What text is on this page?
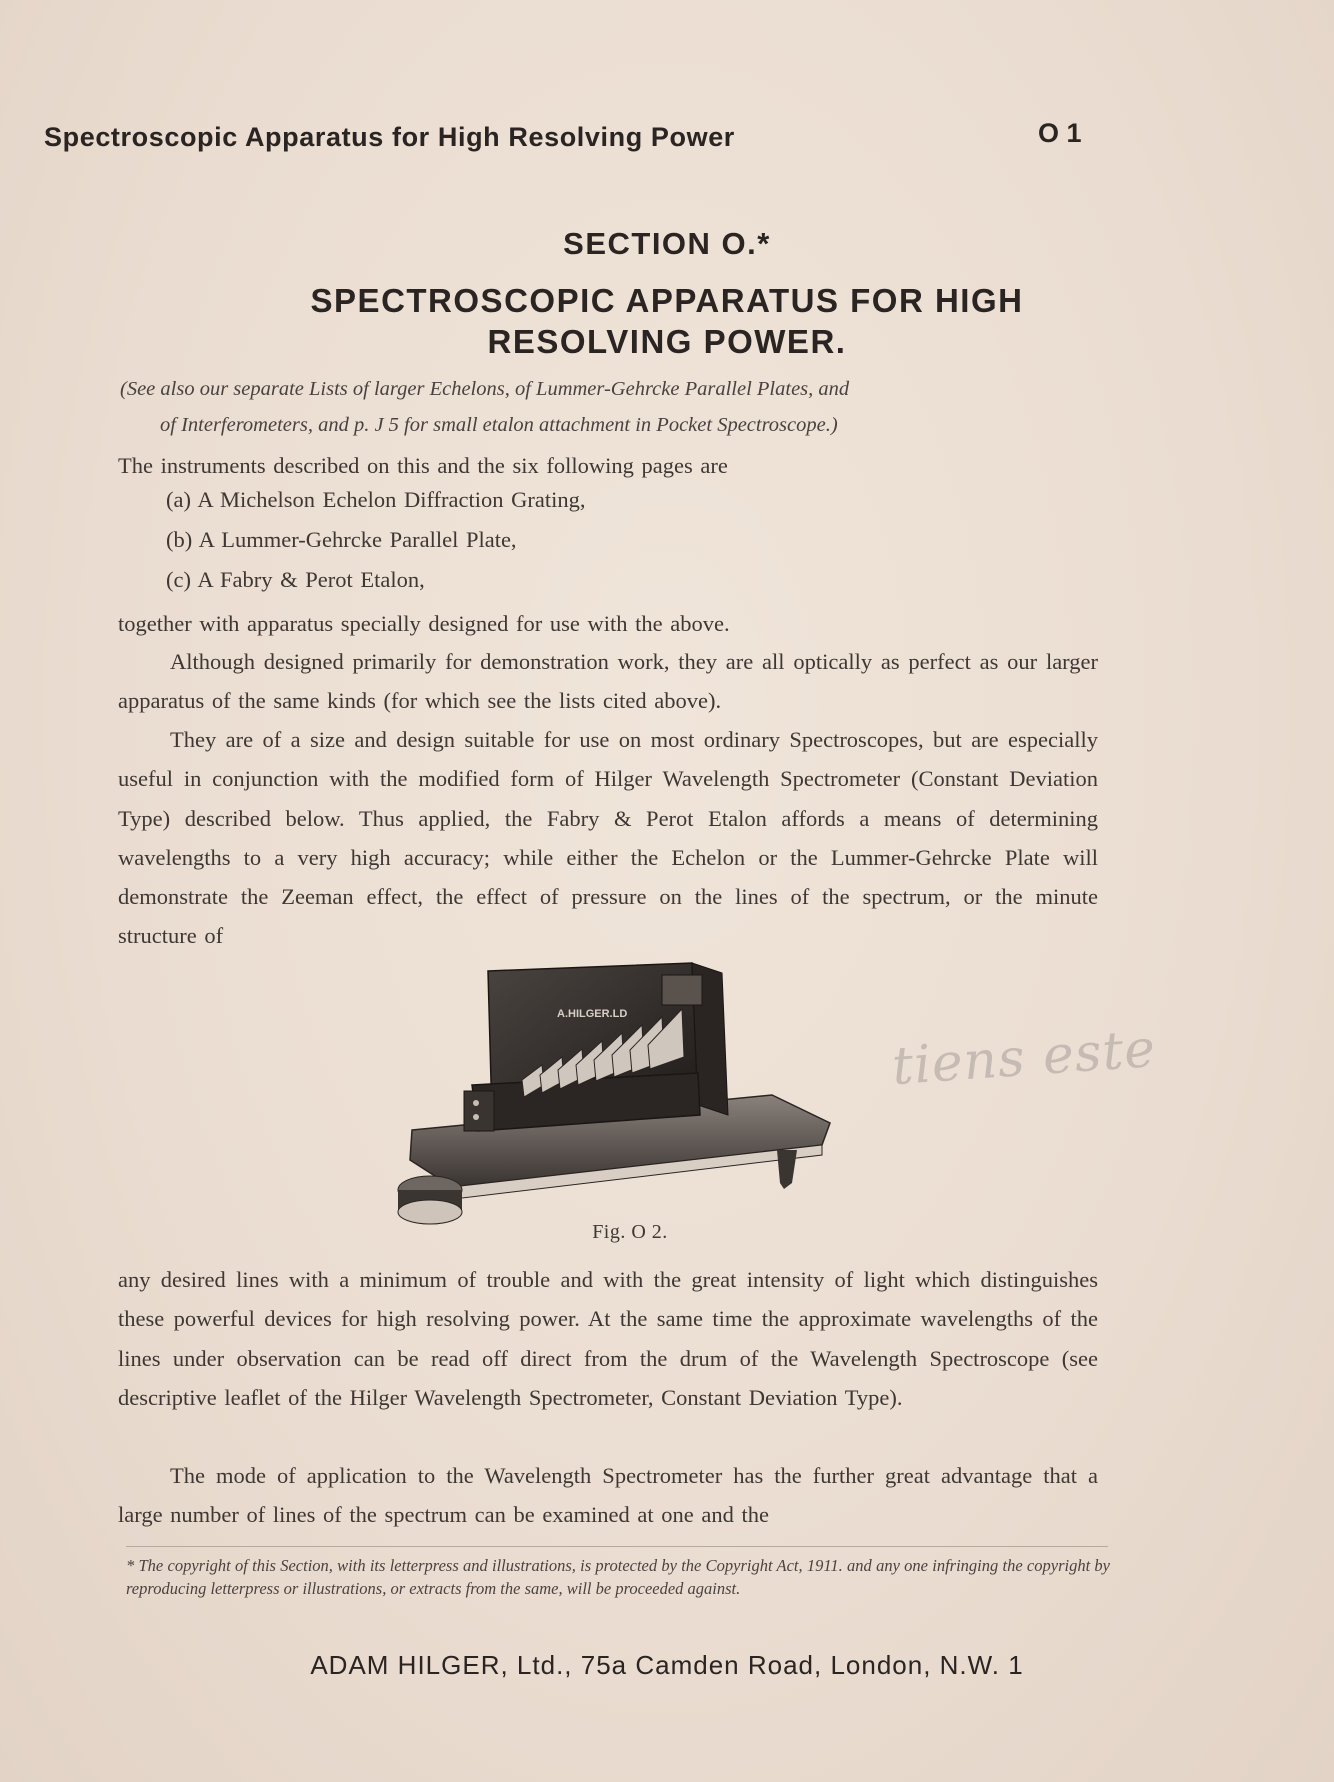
Spectroscopic Apparatus for High Resolving Power	O 1
SECTION O.*
SPECTROSCOPIC APPARATUS FOR HIGH
RESOLVING POWER.
(See also our separate Lists of larger Echelons, of Lummer-Gehrcke Parallel Plates, and
of Interferometers, and p. J 5 for small etalon attachment in Pocket Spectroscope.)
The instruments described on this and the six following pages are
(a) A Michelson Echelon Diffraction Grating,
(b) A Lummer-Gehrcke Parallel Plate,
(c) A Fabry & Perot Etalon,
together with apparatus specially designed for use with the above.
Although designed primarily for demonstration work, they are all optically as perfect as our larger apparatus of the same kinds (for which see the lists cited above).
They are of a size and design suitable for use on most ordinary Spectroscopes, but are especially useful in conjunction with the modified form of Hilger Wavelength Spectrometer (Constant Deviation Type) described below. Thus applied, the Fabry & Perot Etalon affords a means of determining wavelengths to a very high accuracy; while either the Echelon or the Lummer-Gehrcke Plate will demonstrate the Zeeman effect, the effect of pressure on the lines of the spectrum, or the minute structure of
any desired lines with a minimum of trouble and with the great intensity of light which distinguishes these powerful devices for high resolving power. At the same time the approximate wavelengths of the lines under observation can be read off direct from the drum of the Wavelength Spectroscope (see descriptive leaflet of the Hilger Wavelength Spectrometer, Constant Deviation Type).
The mode of application to the Wavelength Spectrometer has the further great advantage that a large number of lines of the spectrum can be examined at one and the
A.HILGER.LD
Fig. O 2.
tiens este
* The copyright of this Section, with its letterpress and illustrations, is protected by the Copyright Act, 1911. and any one infringing the copyright by reproducing letterpress or illustrations, or extracts from the same, will be proceeded against.
ADAM HILGER, Ltd., 75a Camden Road, London, N.W. 1
